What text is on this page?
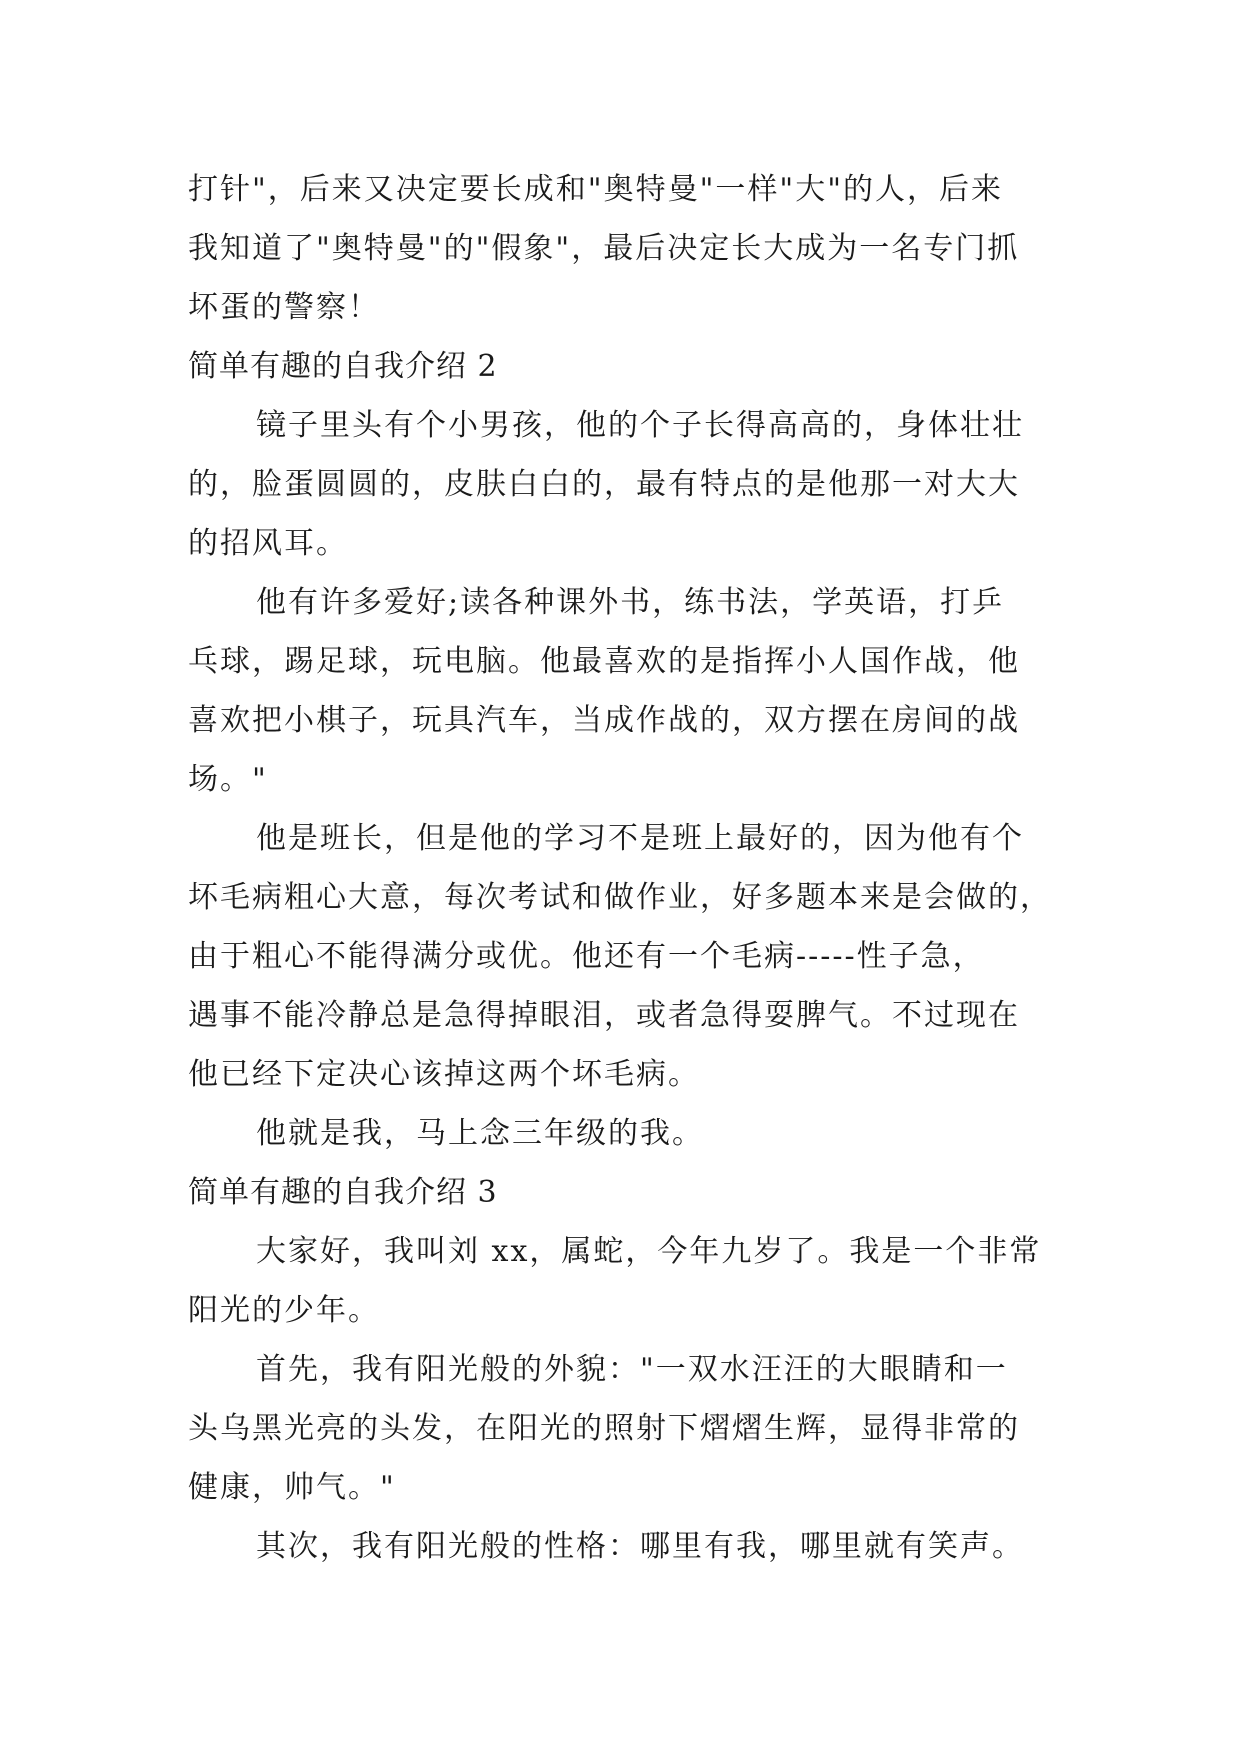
打针"，后来又决定要长成和"奥特曼"一样"大"的人，后来
我知道了"奥特曼"的"假象"，最后决定长大成为一名专门抓
坏蛋的警察！
简单有趣的自我介绍 2
镜子里头有个小男孩，他的个子长得高高的，身体壮壮
的，脸蛋圆圆的，皮肤白白的，最有特点的是他那一对大大
的招风耳。
他有许多爱好;读各种课外书，练书法，学英语，打乒
乓球，踢足球，玩电脑。他最喜欢的是指挥小人国作战，他
喜欢把小棋子，玩具汽车，当成作战的，双方摆在房间的战
场。"
他是班长，但是他的学习不是班上最好的，因为他有个
坏毛病粗心大意，每次考试和做作业，好多题本来是会做的，
由于粗心不能得满分或优。他还有一个毛病-----性子急，
遇事不能冷静总是急得掉眼泪，或者急得耍脾气。不过现在
他已经下定决心该掉这两个坏毛病。
他就是我，马上念三年级的我。
简单有趣的自我介绍 3
大家好，我叫刘 xx，属蛇，今年九岁了。我是一个非常
阳光的少年。
首先，我有阳光般的外貌："一双水汪汪的大眼睛和一
头乌黑光亮的头发，在阳光的照射下熠熠生辉，显得非常的
健康，帅气。"
其次，我有阳光般的性格：哪里有我，哪里就有笑声。
